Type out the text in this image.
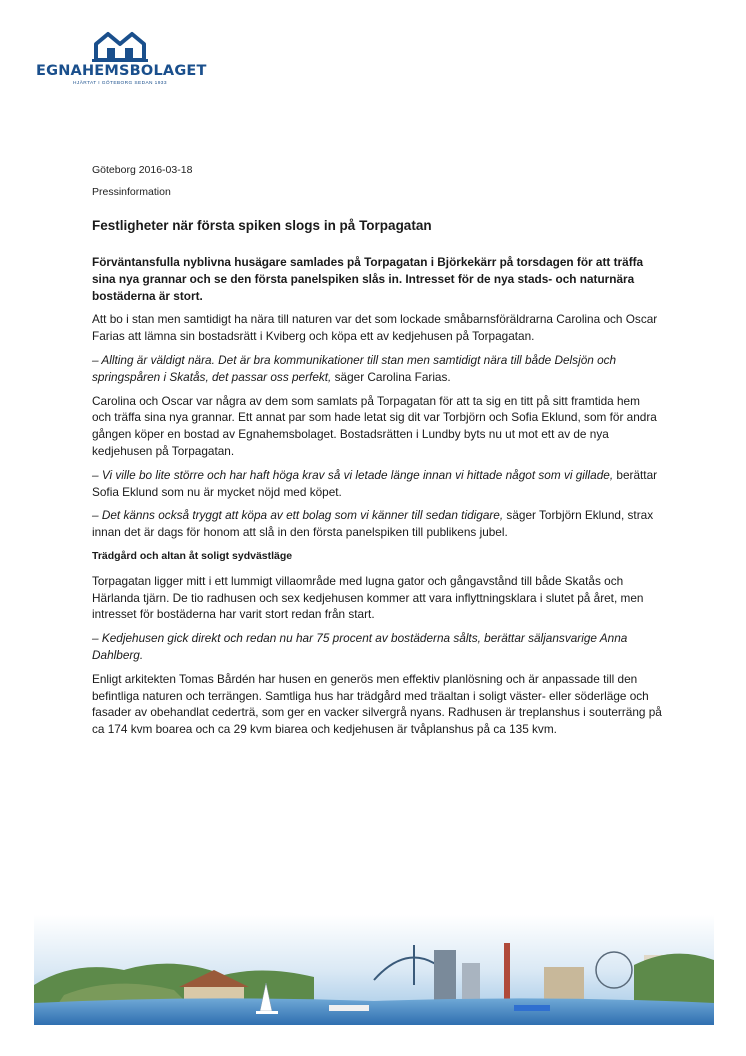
EGNAHEMSBOLAGET
HJÄRTAT I GÖTEBORG SEDAN 1933
Göteborg 2016-03-18
Pressinformation
Festligheter när första spiken slogs in på Torpagatan

Förväntansfulla nyblivna husägare samlades på Torpagatan i Björkekärr på torsdagen för att träffa sina nya grannar och se den första panelspiken slås in. Intresset för de nya stads- och naturnära bostäderna är stort.

Att bo i stan men samtidigt ha nära till naturen var det som lockade småbarnsföräldrarna Carolina och Oscar Farias att lämna sin bostadsrätt i Kviberg och köpa ett av kedjehusen på Torpagatan.

– Allting är väldigt nära. Det är bra kommunikationer till stan men samtidigt nära till både Delsjön och springspåren i Skatås, det passar oss perfekt, säger Carolina Farias.

Carolina och Oscar var några av dem som samlats på Torpagatan för att ta sig en titt på sitt framtida hem och träffa sina nya grannar. Ett annat par som hade letat sig dit var Torbjörn och Sofia Eklund, som för andra gången köper en bostad av Egnahemsbolaget. Bostadsrätten i Lundby byts nu ut mot ett av de nya kedjehusen på Torpagatan.

– Vi ville bo lite större och har haft höga krav så vi letade länge innan vi hittade något som vi gillade, berättar Sofia Eklund som nu är mycket nöjd med köpet.

– Det känns också tryggt att köpa av ett bolag som vi känner till sedan tidigare, säger Torbjörn Eklund, strax innan det är dags för honom att slå in den första panelspiken till publikens jubel.

Trädgård och altan åt soligt sydvästläge

Torpagatan ligger mitt i ett lummigt villaområde med lugna gator och gångavstånd till både Skatås och Härlanda tjärn. De tio radhusen och sex kedjehusen kommer att vara inflyttningsklara i slutet på året, men intresset för bostäderna har varit stort redan från start.

– Kedjehusen gick direkt och redan nu har 75 procent av bostäderna sålts, berättar säljansvarige Anna Dahlberg.

Enligt arkitekten Tomas Bårdén har husen en generös men effektiv planlösning och är anpassade till den befintliga naturen och terrängen. Samtliga hus har trädgård med träaltan i soligt väster- eller söderläge och fasader av obehandlat cederträ, som ger en vacker silvergrå nyans. Radhusen är treplanshus i souterräng på ca 174 kvm boarea och ca 29 kvm biarea och kedjehusen är tvåplanshus på ca 135 kvm.
